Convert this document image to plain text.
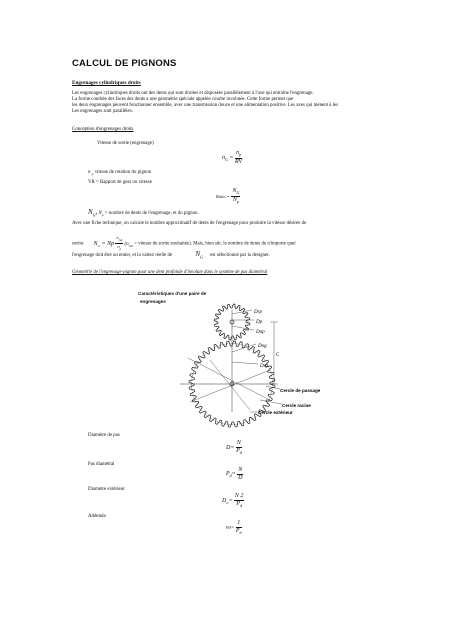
CALCUL DE PIGNONS
Engrenages cylindriques droits
Les engrenages cylindriques droits ont des dents qui sont droites et disposées parallèlement à l'axe qui entraîne l'engrenage.
La forme courbée des faces des dents a une géométrie spéciale appelée courbe involutée. Cette forme permet que
les deux engrenages peuvent fonctionner ensemble, avec une transmission douce et une alimentation positive. Les axes qui mènent à les
Les engrenages sont parallèles.
Conception d'engrenages droits
Vitesse de sortie (engrenage)
$n_G = \frac{n_p}{RV}$
n $_p$ vitesse de rotation du pignon
VR = Rapport de gear ou vitesse
Ratio = $\frac{N_G}{N_p}$
$N_G$, $N_p$ = nombre de dents de l'engrenage, et du pignon.
Avec une fiche technique, on calcule le nombre approximatif de dents de l'engrenage pour produire la vitesse désirée de
sortie: $N_G = Np \frac{n_{Gd}}{n_p} (n_{Gd}$ = vitesse de sortie souhaitée). Mais, bien sûr, le nombre de dents de n'importe quel
l'engrenage doit être un entier, et la valeur réelle de	$N_G$ est sélectionné par la designer.
Géométrie de l'engrenage-pignon pour une dent profonde d'involute dans le système de pas diamétral
Caractéristiques d'une paire de
engrenages
Drp
Dp
Dop
Dog
Drg
C
Cercle de passage
Cercle racine
Cercle extérieur
Diamètre de pas
$D= \frac{N}{P_d}$
Pas diamétral
$P_d= \frac{N}{D}$
Diamètre extérieur
$D_o= \frac{N 2}{P_d}$
Addenda
$ua= \frac{1}{P_d}$
